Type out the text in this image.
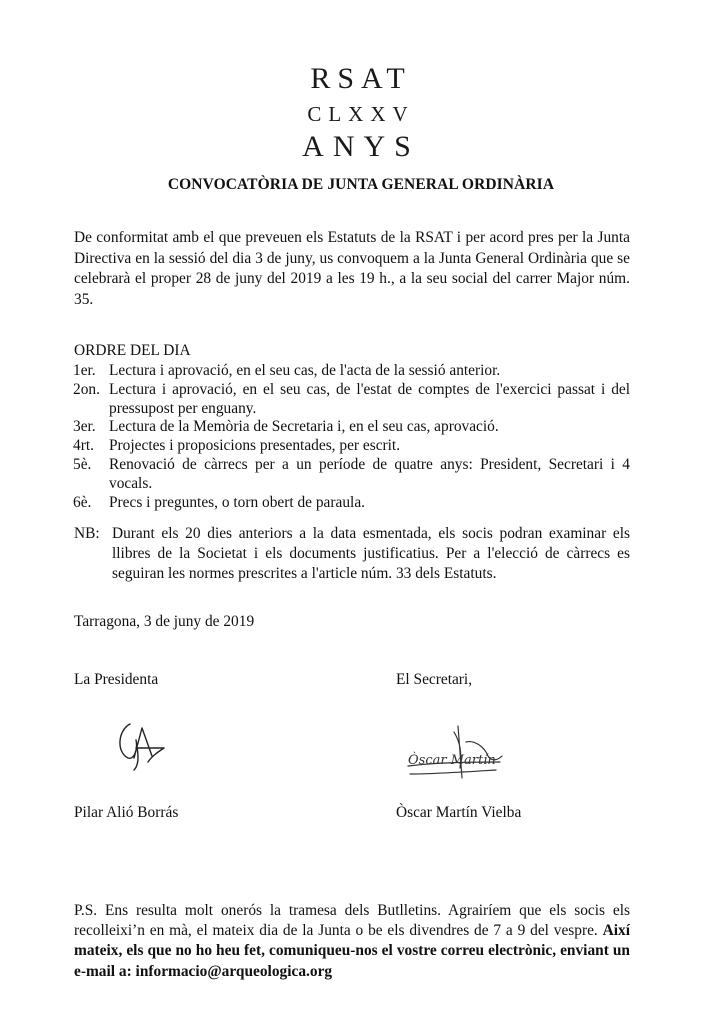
RSAT
CLXXV
ANYS
CONVOCATÒRIA DE JUNTA GENERAL ORDINÀRIA

De conformitat amb el que preveuen els Estatuts de la RSAT i per acord pres per la Junta Directiva en la sessió del dia 3 de juny, us convoquem a la Junta General Ordinària que se celebrarà el proper 28 de juny del 2019 a les 19 h., a la seu social del carrer Major núm. 35.

ORDRE DEL DIA
1er. Lectura i aprovació, en el seu cas, de l'acta de la sessió anterior.
2on. Lectura i aprovació, en el seu cas, de l'estat de comptes de l'exercici passat i del pressupost per enguany.
3er. Lectura de la Memòria de Secretaria i, en el seu cas, aprovació.
4rt. Projectes i proposicions presentades, per escrit.
5è.	Renovació de càrrecs per a un període de quatre anys: President, Secretari i 4 vocals.
6è.	Precs i preguntes, o torn obert de paraula.
NB: Durant els 20 dies anteriors a la data esmentada, els socis podran examinar els llibres de la Societat i els documents justificatius. Per a l'elecció de càrrecs es seguiran les normes prescrites a l'article núm. 33 dels Estatuts.
Tarragona, 3 de juny de 2019
La Presidenta	El Secretari,
Òscar Martín
Pilar Alió Borrás	Òscar Martín Vielba

P.S. Ens resulta molt onerós la tramesa dels Butlletins. Agrairíem que els socis els recolleixi’n en mà, el mateix dia de la Junta o be els divendres de 7 a 9 del vespre. Així mateix, els que no ho heu fet, comuniqueu-nos el vostre correu electrònic, enviant un e-mail a: informacio@arqueologica.org
